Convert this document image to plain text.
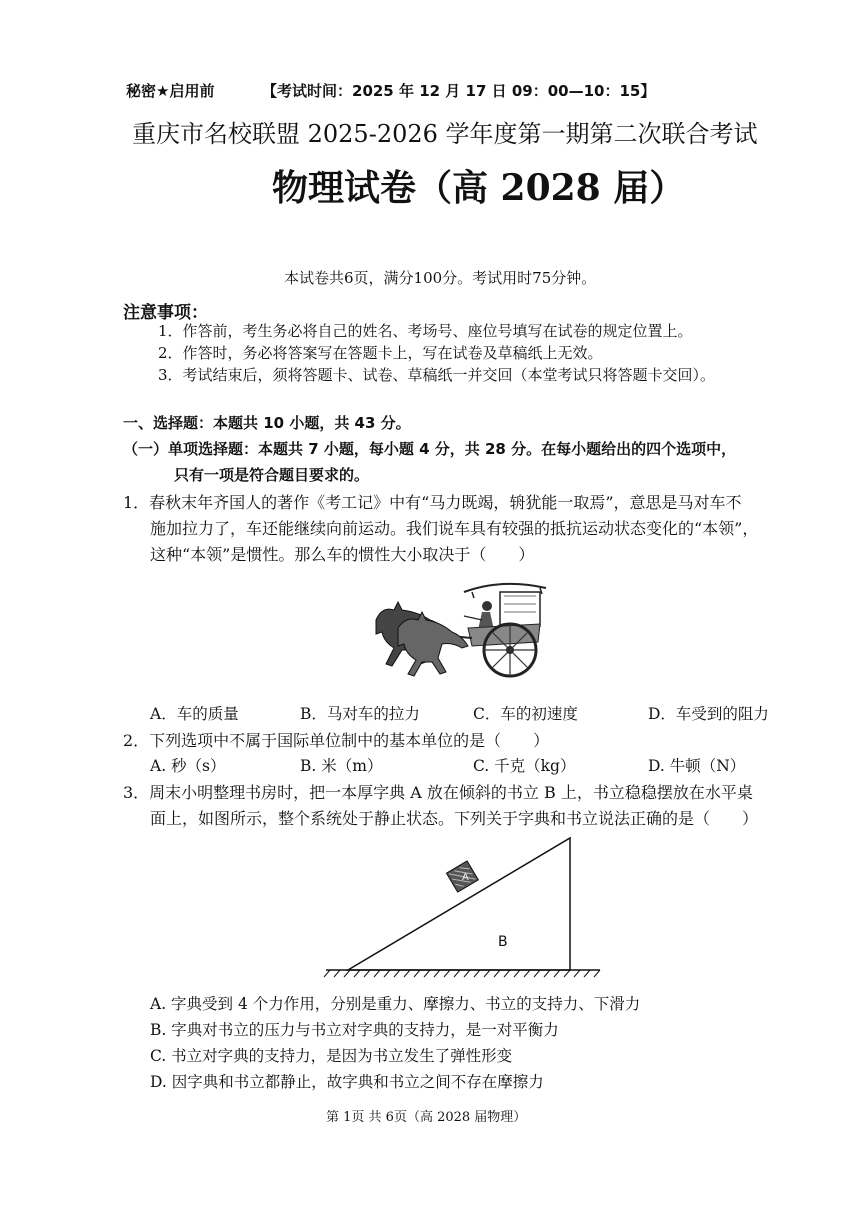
秘密★启用前	【考试时间：2025 年 12 月 17 日 09：00—10：15】
重庆市名校联盟 2025-2026 学年度第一期第二次联合考试
物理试卷（高 2028 届）
本试卷共6页，满分100分。考试用时75分钟。
注意事项：
1．作答前，考生务必将自己的姓名、考场号、座位号填写在试卷的规定位置上。
2．作答时，务必将答案写在答题卡上，写在试卷及草稿纸上无效。
3．考试结束后，须将答题卡、试卷、草稿纸一并交回（本堂考试只将答题卡交回）。
一、选择题：本题共 10 小题，共 43 分。
（一）单项选择题：本题共 7 小题，每小题 4 分，共 28 分。在每小题给出的四个选项中，
只有一项是符合题目要求的。
1．春秋末年齐国人的著作《考工记》中有“马力既竭，辀犹能一取焉”，意思是马对车不
施加拉力了，车还能继续向前运动。我们说车具有较强的抵抗运动状态变化的“本领”，
这种“本领”是惯性。那么车的惯性大小取决于（　　）
A．车的质量	B．马对车的拉力	C．车的初速度	D．车受到的阻力
2．下列选项中不属于国际单位制中的基本单位的是（　　）
A. 秒（s）	B. 米（m）	C. 千克（kg）	D. 牛顿（N）
3．周末小明整理书房时，把一本厚字典 A 放在倾斜的书立 B 上，书立稳稳摆放在水平桌
面上，如图所示，整个系统处于静止状态。下列关于字典和书立说法正确的是（　　）
A
B
A. 字典受到 4 个力作用，分别是重力、摩擦力、书立的支持力、下滑力
B. 字典对书立的压力与书立对字典的支持力，是一对平衡力
C. 书立对字典的支持力，是因为书立发生了弹性形变
D. 因字典和书立都静止，故字典和书立之间不存在摩擦力
第 1页 共 6页（高 2028 届物理）
